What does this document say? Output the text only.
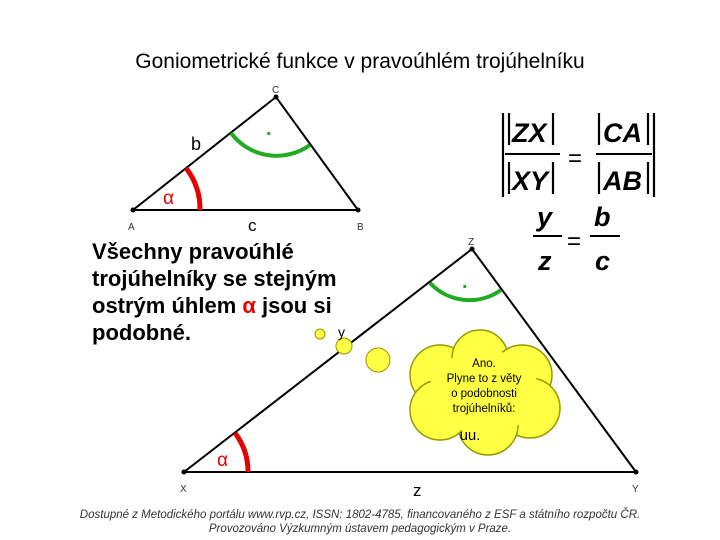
Goniometrické funkce v pravoúhlém trojúhelníku
A	B
C
b
c
α
.
X	Y
Z
z
α
.
ZX
XY
=
CA
AB
y
z
=
b
c
y
Ano.
Plyne to z věty
o podobnosti
trojúhelníků:
uu.
Všechny pravoúhlé
trojúhelníky se stejným
ostrým úhlem α jsou si
podobné.
Dostupné z Metodického portálu www.rvp.cz, ISSN: 1802-4785, financovaného z ESF a státního rozpočtu ČR.
Provozováno Výzkumným ústavem pedagogickým v Praze.
